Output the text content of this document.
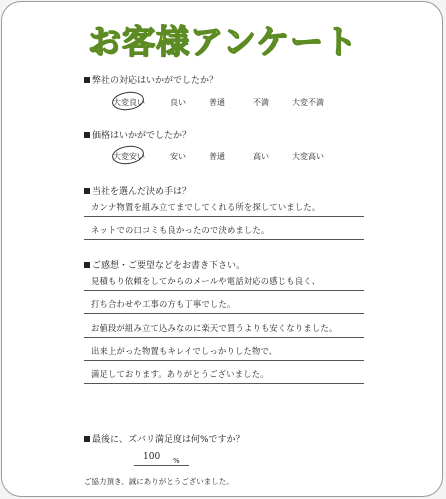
お客様アンケート
弊社の対応はいかがでしたか？
大変良い	良い	普通	不満	大変不満
価格はいかがでしたか？
大変安い	安い	普通	高い	大変高い
当社を選んだ決め手は？
カンナ物置を組み立てまでしてくれる所を探していました。
ネットでの口コミも良かったので決めました。
ご感想・ご要望などをお書き下さい。
見積もり依頼をしてからのメールや電話対応の感じも良く、
打ち合わせや工事の方も丁寧でした。
お値段が組み立て込みなのに楽天で買うよりも安くなりました。
出来上がった物置もキレイでしっかりした物で、
満足しております。ありがとうございました。
最後に、ズバリ満足度は何%ですか？
100 %
ご協力頂き、誠にありがとうございました。
